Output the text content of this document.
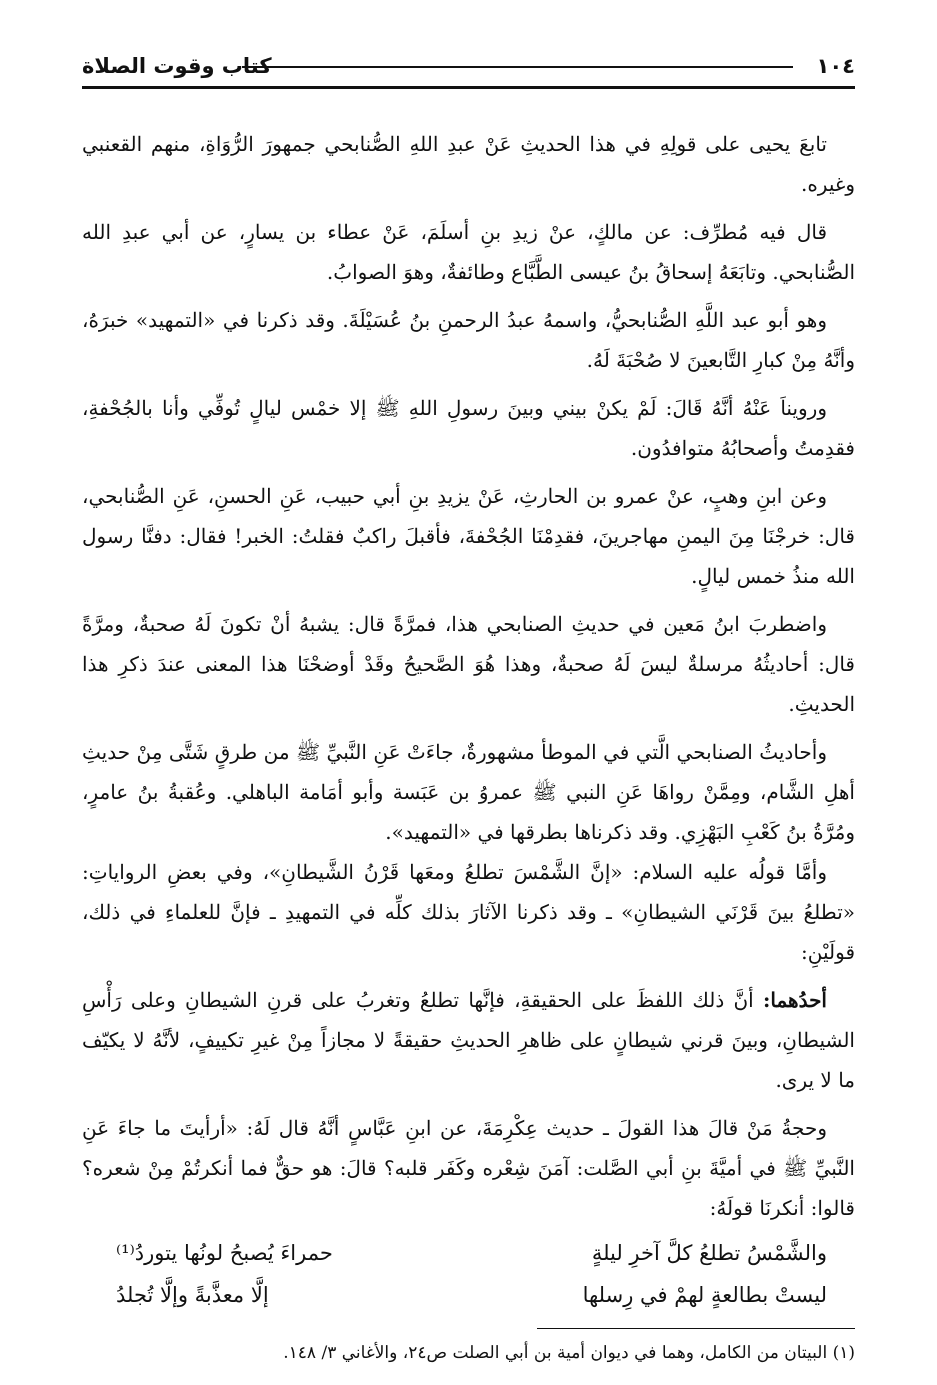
١٠٤
كتاب وقوت الصلاة

تابعَ يحيى على قولِهِ في هذا الحديثِ عَنْ عبدِ اللهِ الصُّنابحي جمهورَ الرُّوَاةِ، منهم القعنبي وغيره.

قال فيه مُطرِّف: عن مالكٍ، عنْ زيدِ بنِ أسلَمَ، عَنْ عطاء بن يسارٍ، عن أبي عبدِ الله الصُّنابحي. وتابَعَهُ إسحاقُ بنُ عيسى الطَّبَّاع وطائفةٌ، وهوَ الصوابُ.

وهو أبو عبد اللَّهِ الصُّنابحيُّ، واسمهُ عبدُ الرحمنِ بنُ عُسَيْلَةَ. وقد ذكرنا في «التمهيد» خبرَهُ، وأنَّهُ مِنْ كبارِ التَّابعينَ لا صُحْبَةَ لَهُ.

ورويناَ عَنْهُ أنَّهُ قَالَ: لَمْ يكنْ بيني وبينَ رسولِ اللهِ ﷺ إلا خمْس ليالٍ تُوفِّي وأنا بالجُحْفةِ، فقدِمتُ وأصحابُهُ متوافدُون.

وعن ابنِ وهبٍ، عنْ عمرو بن الحارثِ، عَنْ يزيدِ بنِ أبي حبيب، عَنِ الحسنِ، عَنِ الصُّنابحي، قال: خرجْنَا مِنَ اليمنِ مهاجرينَ، فقدِمْنَا الجُحْفةَ، فأقبلَ راكبٌ فقلتُ: الخبر! فقال: دفنَّا رسول الله منذُ خمس ليالٍ.

واضطربَ ابنُ مَعين في حديثِ الصنابحي هذا، فمرَّةً قال: يشبهُ أنْ تكونَ لَهُ صحبةٌ، ومرَّةً قال: أحاديثُهُ مرسلةٌ ليسَ لَهُ صحبةٌ، وهذا هُوَ الصَّحيحُ وقَدْ أوضحْنَا هذا المعنى عندَ ذكرِ هذا الحديثِ.

وأحاديثُ الصنابحي الَّتي في الموطأ مشهورةٌ، جاءَتْ عَنِ النَّبيِّ ﷺ من طرقٍ شَتَّى مِنْ حديثِ أهلِ الشَّام، ومِمَّنْ رواهَا عَنِ النبي ﷺ عمروُ بن عَبَسة وأبو أمَامة الباهلي. وعُقبةُ بنُ عامرٍ، ومُرَّةُ بنُ كَعْبِ البَهْزِي. وقد ذكرناها بطرقها في «التمهيد».

وأمَّا قولُه عليه السلام: «إنَّ الشَّمْسَ تطلعُ ومعَها قَرْنُ الشَّيطانِ»، وفي بعضِ الرواياتِ: «تطلعُ بينَ قَرْنَي الشيطانِ» ـ وقد ذكرنا الآثارَ بذلك كلِّه في التمهيدِ ـ فإنَّ للعلماءِ في ذلك، قولَيْنِ:

أحدُهما: أنَّ ذلك اللفظَ على الحقيقةِ، فإنَّها تطلعُ وتغربُ على قرنِ الشيطانِ وعلى رَأْسِ الشيطانِ، وبينَ قرني شيطانٍ على ظاهرِ الحديثِ حقيقةً لا مجازاً مِنْ غيرِ تكييفٍ، لأنَّهُ لا يكيّف ما لا يرى.

وحجةُ مَنْ قالَ هذا القولَ ـ حديث عِكْرِمَةَ، عن ابنِ عَبَّاسٍ أنَّهُ قال لَهُ: «أرأيتَ ما جاءَ عَنِ النَّبيِّ ﷺ في أميَّةَ بنِ أبي الصَّلت: آمَنَ شِعْره وكَفَر قلبه؟ قالَ: هو حقٌّ فما أنكرتُمْ مِنْ شعره؟ قالوا: أنكرنَا قولَهُ:

والشَّمْسُ تطلعُ كلَّ آخرِ ليلةٍ
حمراءَ يُصبحُ لونُها يتوردُ⁽¹⁾
ليستْ بطالعةٍ لهمْ في رِسلها
إلَّا معذَّبةً وإلَّا تُجلدُ
(١) البيتان من الكامل، وهما في ديوان أمية بن أبي الصلت ص٢٤، والأغاني ٣/ ١٤٨.
